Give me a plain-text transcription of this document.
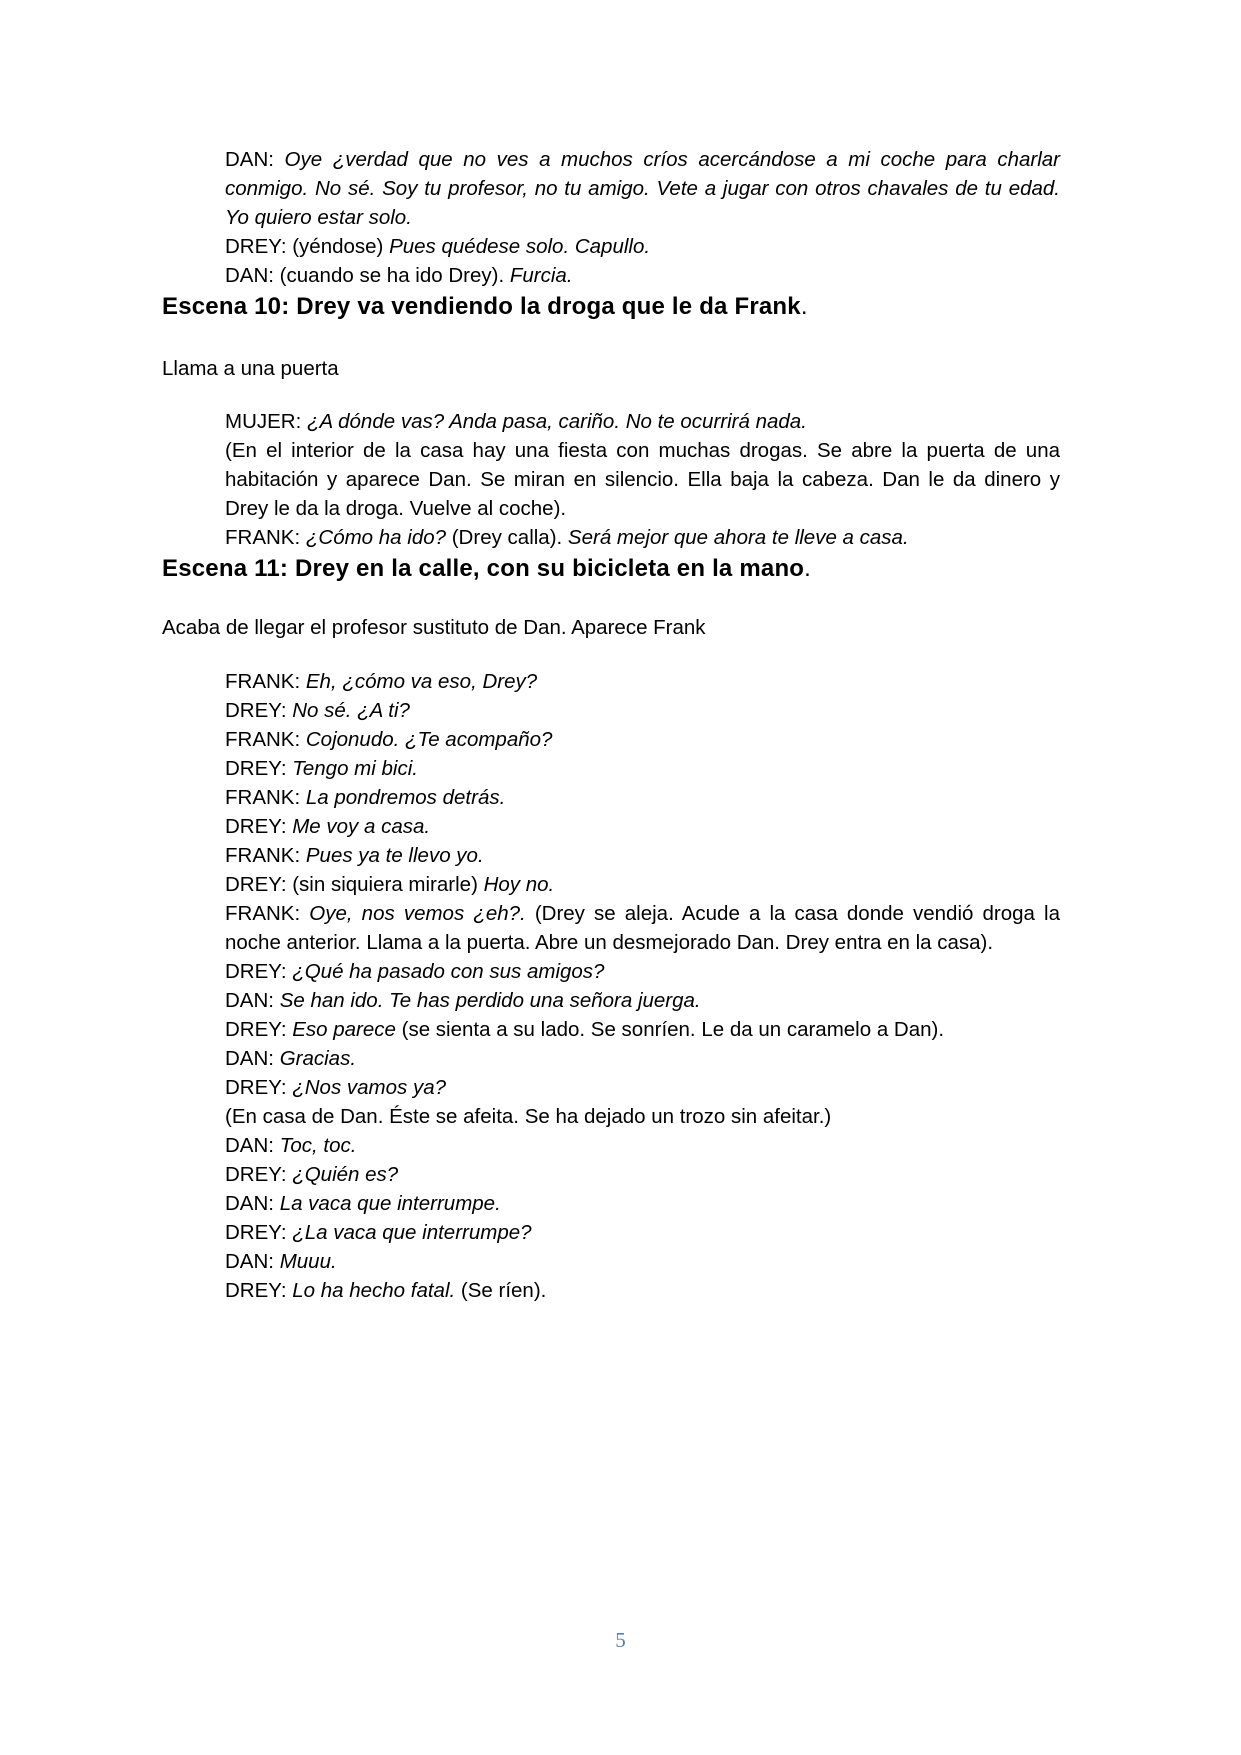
DAN: Oye ¿verdad que no ves a muchos críos acercándose a mi coche para charlar conmigo. No sé. Soy tu profesor, no tu amigo. Vete a jugar con otros chavales de tu edad. Yo quiero estar solo.

DREY: (yéndose) Pues quédese solo. Capullo.

DAN: (cuando se ha ido Drey). Furcia.

Escena 10: Drey va vendiendo la droga que le da Frank.

Llama a una puerta

MUJER: ¿A dónde vas? Anda pasa, cariño. No te ocurrirá nada.

(En el interior de la casa hay una fiesta con muchas drogas. Se abre la puerta de una habitación y aparece Dan. Se miran en silencio. Ella baja la cabeza. Dan le da dinero y Drey le da la droga. Vuelve al coche).

FRANK: ¿Cómo ha ido? (Drey calla). Será mejor que ahora te lleve a casa.

Escena 11: Drey en la calle, con su bicicleta en la mano.

Acaba de llegar el profesor sustituto de Dan. Aparece Frank

FRANK: Eh, ¿cómo va eso, Drey?

DREY: No sé. ¿A ti?

FRANK: Cojonudo. ¿Te acompaño?

DREY: Tengo mi bici.

FRANK: La pondremos detrás.

DREY: Me voy a casa.

FRANK: Pues ya te llevo yo.

DREY: (sin siquiera mirarle) Hoy no.

FRANK: Oye, nos vemos ¿eh?. (Drey se aleja. Acude a la casa donde vendió droga la noche anterior. Llama a la puerta. Abre un desmejorado Dan. Drey entra en la casa).

DREY: ¿Qué ha pasado con sus amigos?

DAN: Se han ido. Te has perdido una señora juerga.

DREY: Eso parece (se sienta a su lado. Se sonríen. Le da un caramelo a Dan).

DAN: Gracias.

DREY: ¿Nos vamos ya?

(En casa de Dan. Éste se afeita. Se ha dejado un trozo sin afeitar.)

DAN: Toc, toc.

DREY: ¿Quién es?

DAN: La vaca que interrumpe.

DREY: ¿La vaca que interrumpe?

DAN: Muuu.

DREY: Lo ha hecho fatal. (Se ríen).

5
